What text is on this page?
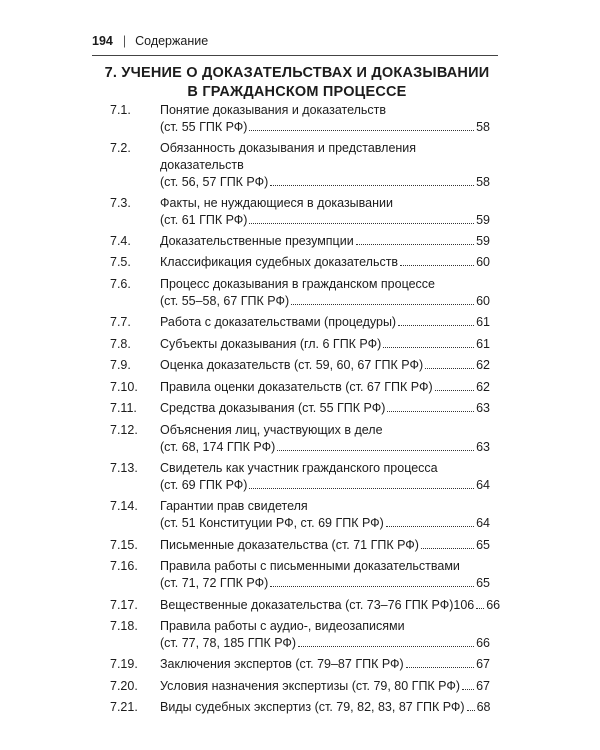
194 | Содержание
7. УЧЕНИЕ О ДОКАЗАТЕЛЬСТВАХ И ДОКАЗЫВАНИИ
В ГРАЖДАНСКОМ ПРОЦЕССЕ
7.1. Понятие доказывания и доказательств
(ст. 55 ГПК РФ)	58
7.2. Обязанность доказывания и представления
доказательств
(ст. 56, 57 ГПК РФ)	58
7.3. Факты, не нуждающиеся в доказывании
(ст. 61 ГПК РФ)	59
7.4. Доказательственные презумпции	59
7.5. Классификация судебных доказательств	60
7.6. Процесс доказывания в гражданском процессе
(ст. 55–58, 67 ГПК РФ)	60
7.7. Работа с доказательствами (процедуры)	61
7.8. Субъекты доказывания (гл. 6 ГПК РФ)	61
7.9. Оценка доказательств (ст. 59, 60, 67 ГПК РФ)	62
7.10. Правила оценки доказательств (ст. 67 ГПК РФ)	62
7.11. Средства доказывания (ст. 55 ГПК РФ)	63
7.12. Объяснения лиц, участвующих в деле
(ст. 68, 174 ГПК РФ)	63
7.13. Свидетель как участник гражданского процесса
(ст. 69 ГПК РФ)	64
7.14. Гарантии прав свидетеля
(ст. 51 Конституции РФ, ст. 69 ГПК РФ)	64
7.15. Письменные доказательства (ст. 71 ГПК РФ)	65
7.16. Правила работы с письменными доказательствами
(ст. 71, 72 ГПК РФ)	65
7.17. Вещественные доказательства (ст. 73–76 ГПК РФ)106 66
7.18. Правила работы с аудио-, видеозаписями
(ст. 77, 78, 185 ГПК РФ)	66
7.19. Заключения экспертов (ст. 79–87 ГПК РФ)	67
7.20. Условия назначения экспертизы (ст. 79, 80 ГПК РФ) 67
7.21. Виды судебных экспертиз (ст. 79, 82, 83, 87 ГПК РФ) 68
